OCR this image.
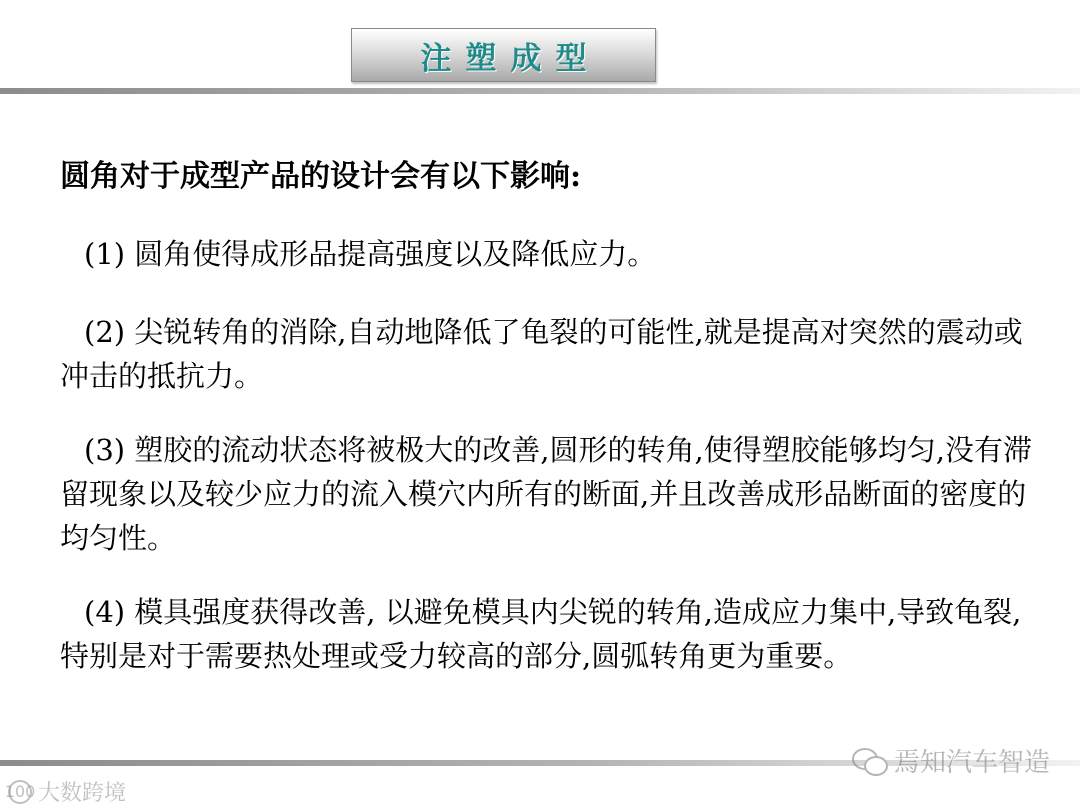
注塑成型
圆角对于成型产品的设计会有以下影响:
(1) 圆角使得成形品提高强度以及降低应力。
(2) 尖锐转角的消除,自动地降低了龟裂的可能性,就是提高对突然的震动或冲击的抵抗力。
(3) 塑胶的流动状态将被极大的改善,圆形的转角,使得塑胶能够均匀,没有滞留现象以及较少应力的流入模穴内所有的断面,并且改善成形品断面的密度的均匀性。
(4) 模具强度获得改善, 以避免模具内尖锐的转角,造成应力集中,导致龟裂,特别是对于需要热处理或受力较高的部分,圆弧转角更为重要。
焉知汽车智造
100 大数跨境
